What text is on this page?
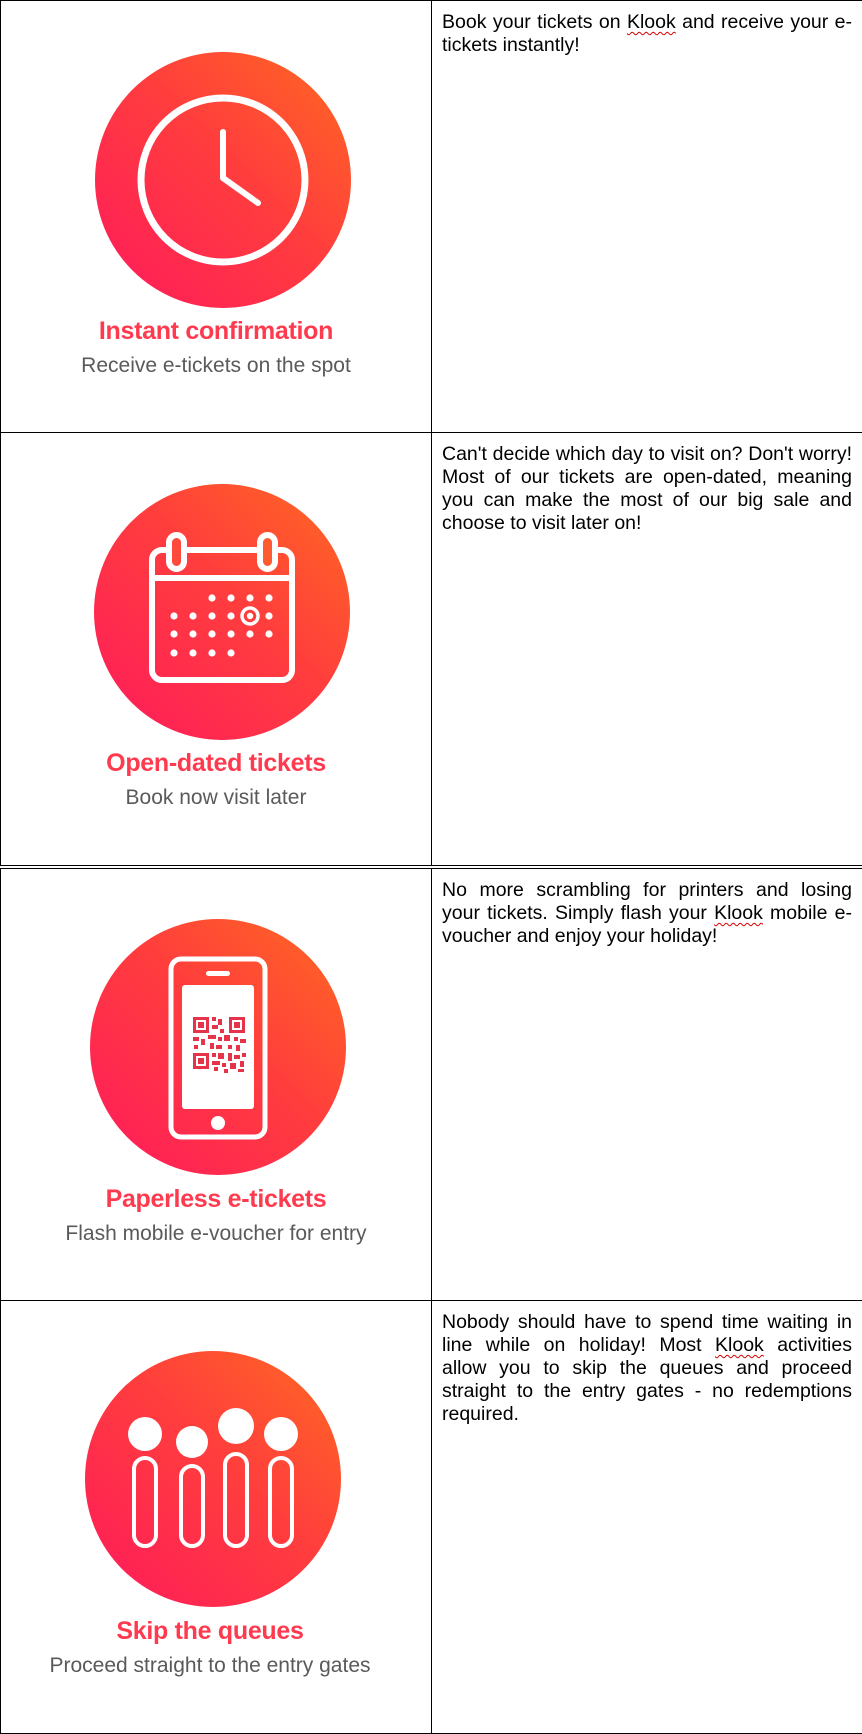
Instant confirmation
Receive e-tickets on the spot	Book your tickets on Klook and receive your e-tickets instantly!

Open-dated tickets
Book now visit later	Can't decide which day to visit on? Don't worry! Most of our tickets are open-dated, meaning you can make the most of our big sale and choose to visit later on!
Paperless e-tickets
Flash mobile e-voucher for entry	No more scrambling for printers and losing your tickets. Simply flash your Klook mobile e-voucher and enjoy your holiday!

Skip the queues
Proceed straight to the entry gates	Nobody should have to spend time waiting in line while on holiday! Most Klook activities allow you to skip the queues and proceed straight to the entry gates - no redemptions required.
